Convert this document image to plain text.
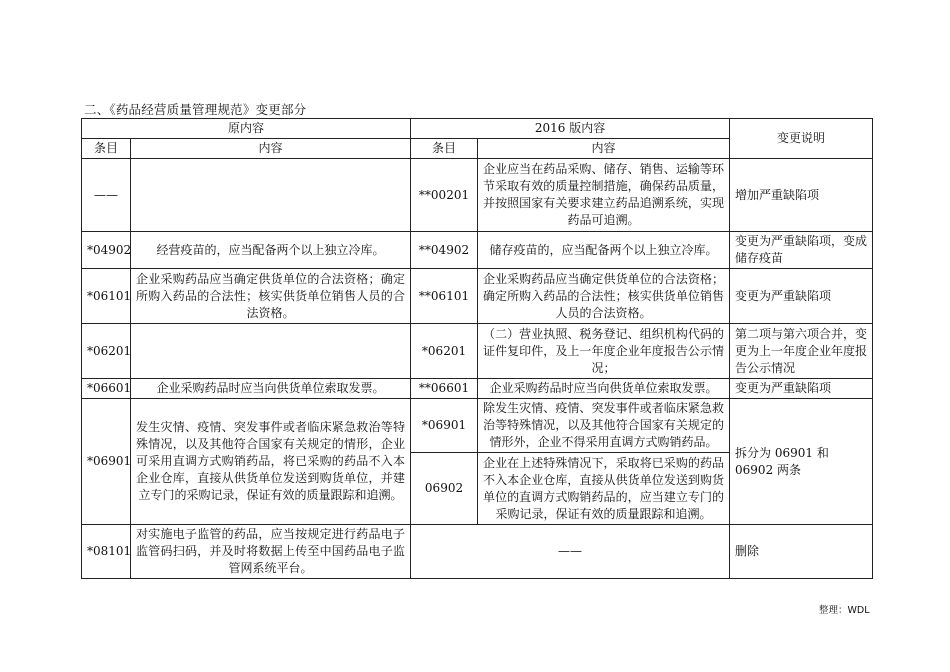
二、《药品经营质量管理规范》变更部分
原内容		2016 版内容		变更说明
条目	内容	条目	内容	
——		**00201	企业应当在药品采购、储存、销售、运输等环节采取有效的质量控制措施，确保药品质量，并按照国家有关要求建立药品追溯系统，实现药品可追溯。	增加严重缺陷项
*04902	经营疫苗的，应当配备两个以上独立冷库。	**04902	储存疫苗的，应当配备两个以上独立冷库。	变更为严重缺陷项，变成储存疫苗
*06101	企业采购药品应当确定供货单位的合法资格；确定所购入药品的合法性；核实供货单位销售人员的合法资格。	**06101	企业采购药品应当确定供货单位的合法资格；确定所购入药品的合法性；核实供货单位销售人员的合法资格。	变更为严重缺陷项
*06201		*06201	（二）营业执照、税务登记、组织机构代码的证件复印件，及上一年度企业年度报告公示情况；	第二项与第六项合并，变更为上一年度企业年度报告公示情况
*06601	企业采购药品时应当向供货单位索取发票。	**06601	企业采购药品时应当向供货单位索取发票。	变更为严重缺陷项
*06901	发生灾情、疫情、突发事件或者临床紧急救治等特殊情况，以及其他符合国家有关规定的情形，企业可采用直调方式购销药品，将已采购的药品不入本企业仓库，直接从供货单位发送到购货单位，并建立专门的采购记录，保证有效的质量跟踪和追溯。	*06901	除发生灾情、疫情、突发事件或者临床紧急救治等特殊情况，以及其他符合国家有关规定的情形外，企业不得采用直调方式购销药品。	拆分为 06901 和 06902 两条
		06902	企业在上述特殊情况下，采取将已采购的药品不入本企业仓库，直接从供货单位发送到购货单位的直调方式购销药品的，应当建立专门的采购记录，保证有效的质量跟踪和追溯。	
*08101	对实施电子监管的药品，应当按规定进行药品电子监管码扫码，并及时将数据上传至中国药品电子监管网系统平台。	——		删除
整理：WDL
